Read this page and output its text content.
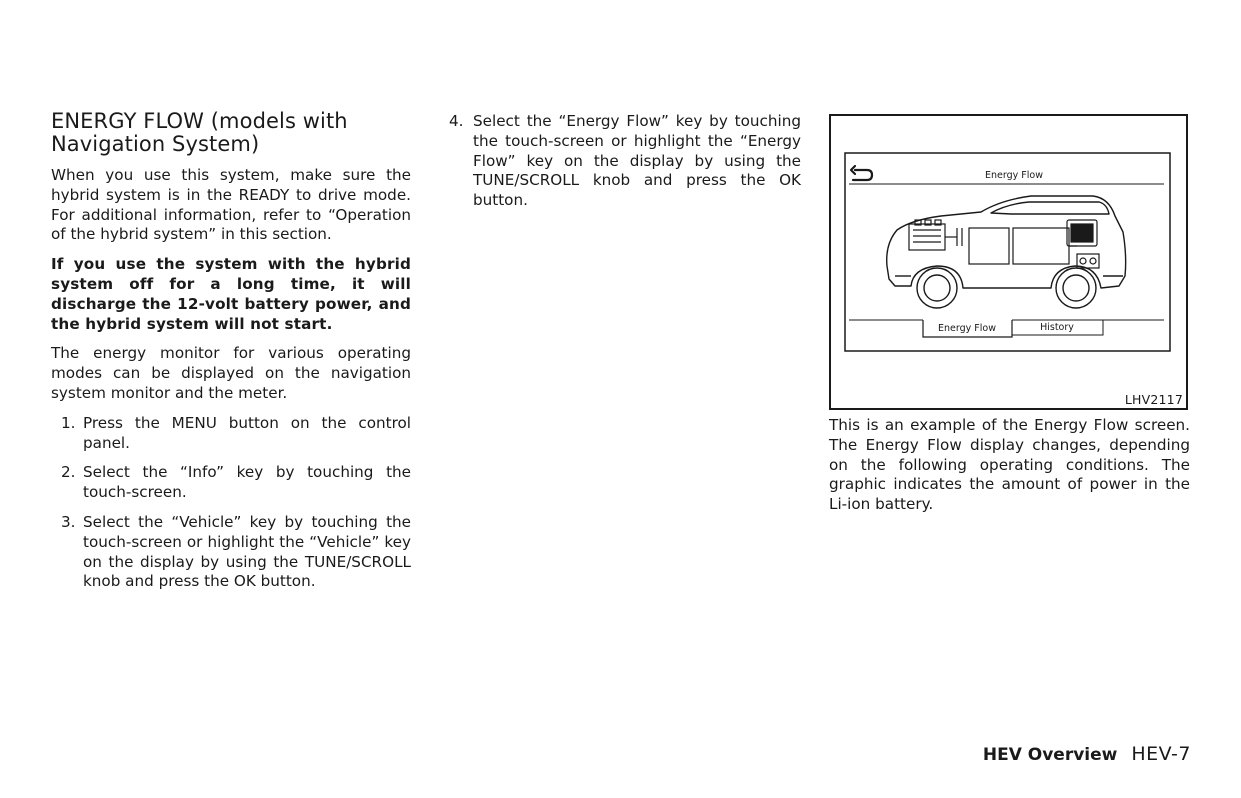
ENERGY FLOW (models with
Navigation System)

When you use this system, make sure the hybrid system is in the READY to drive mode. For additional information, refer to “Operation of the hybrid system” in this section.

If you use the system with the hybrid system off for a long time, it will discharge the 12-volt battery power, and the hybrid system will not start.

The energy monitor for various operating modes can be displayed on the navigation system monitor and the meter.

1. Press the MENU button on the control panel.
2. Select the “Info” key by touching the touch-screen.
3. Select the “Vehicle” key by touching the touch-screen or highlight the “Vehicle” key on the display by using the TUNE/SCROLL knob and press the OK button.
4. Select the “Energy Flow” key by touching the touch-screen or highlight the “Energy Flow” key on the display by using the TUNE/SCROLL knob and press the OK button.
Energy Flow
Energy Flow	History
LHV2117

This is an example of the Energy Flow screen. The Energy Flow display changes, depending on the following operating conditions. The graphic indicates the amount of power in the Li-ion battery.

HEV Overview HEV-7
